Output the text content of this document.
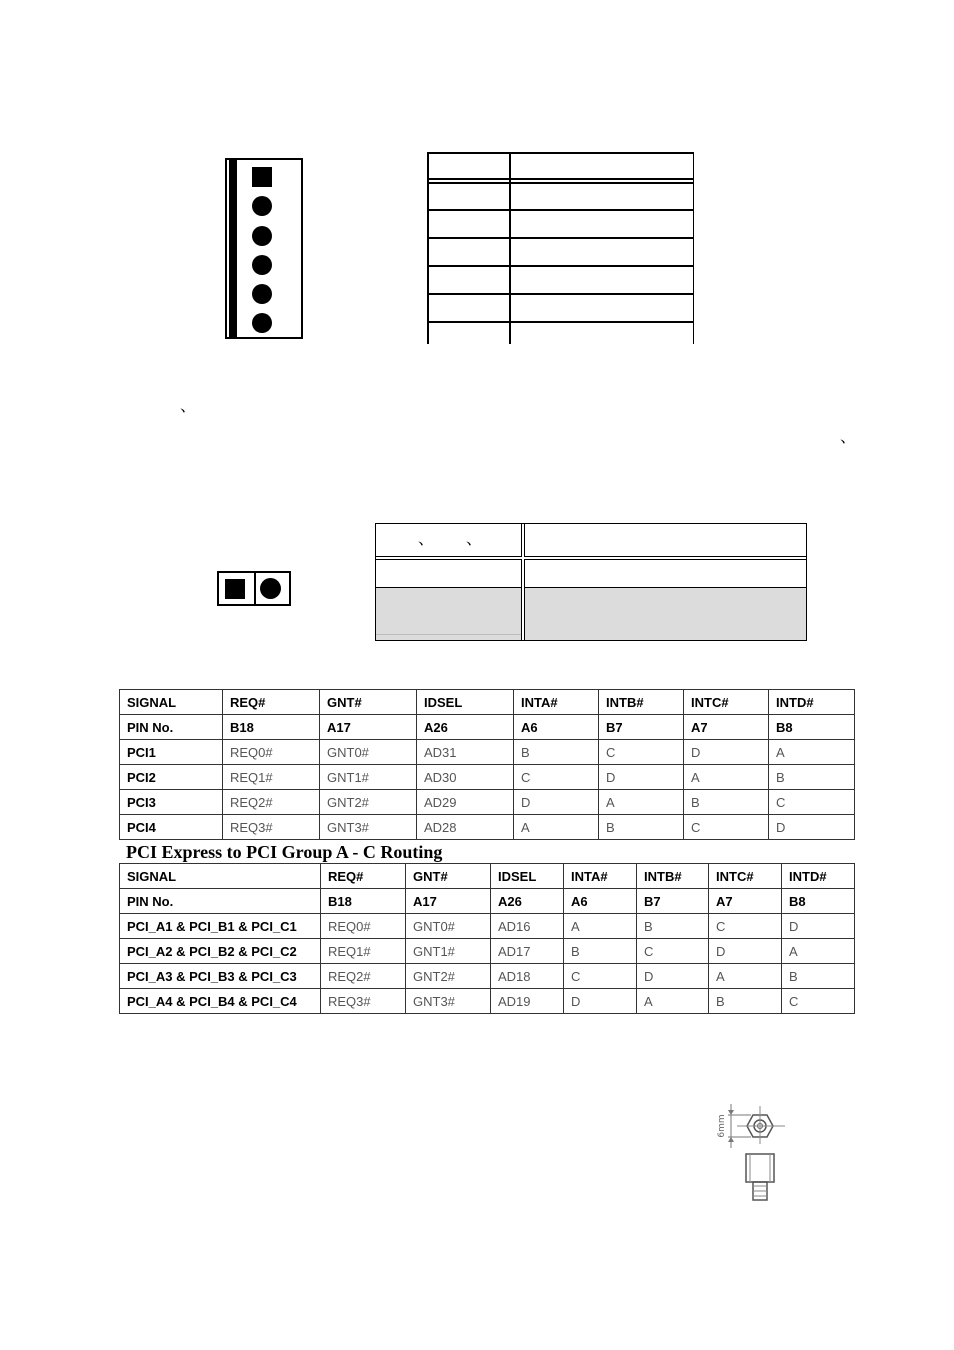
、
、
、 、
SIGNAL	REQ#	GNT#	IDSEL	INTA#	INTB#	INTC#	INTD#
PIN No.	B18	A17	A26	A6	B7	A7	B8
PCI1	REQ0#	GNT0#	AD31	B	C	D	A
PCI2	REQ1#	GNT1#	AD30	C	D	A	B
PCI3	REQ2#	GNT2#	AD29	D	A	B	C
PCI4	REQ3#	GNT3#	AD28	A	B	C	D
PCI Express to PCI Group A - C Routing
SIGNAL	REQ#	GNT#	IDSEL	INTA#	INTB#	INTC#	INTD#
PIN No.	B18	A17	A26	A6	B7	A7	B8
PCI_A1 & PCI_B1 & PCI_C1	REQ0#	GNT0#	AD16	A	B	C	D
PCI_A2 & PCI_B2 & PCI_C2	REQ1#	GNT1#	AD17	B	C	D	A
PCI_A3 & PCI_B3 & PCI_C3	REQ2#	GNT2#	AD18	C	D	A	B
PCI_A4 & PCI_B4 & PCI_C4	REQ3#	GNT3#	AD19	D	A	B	C
6mm
